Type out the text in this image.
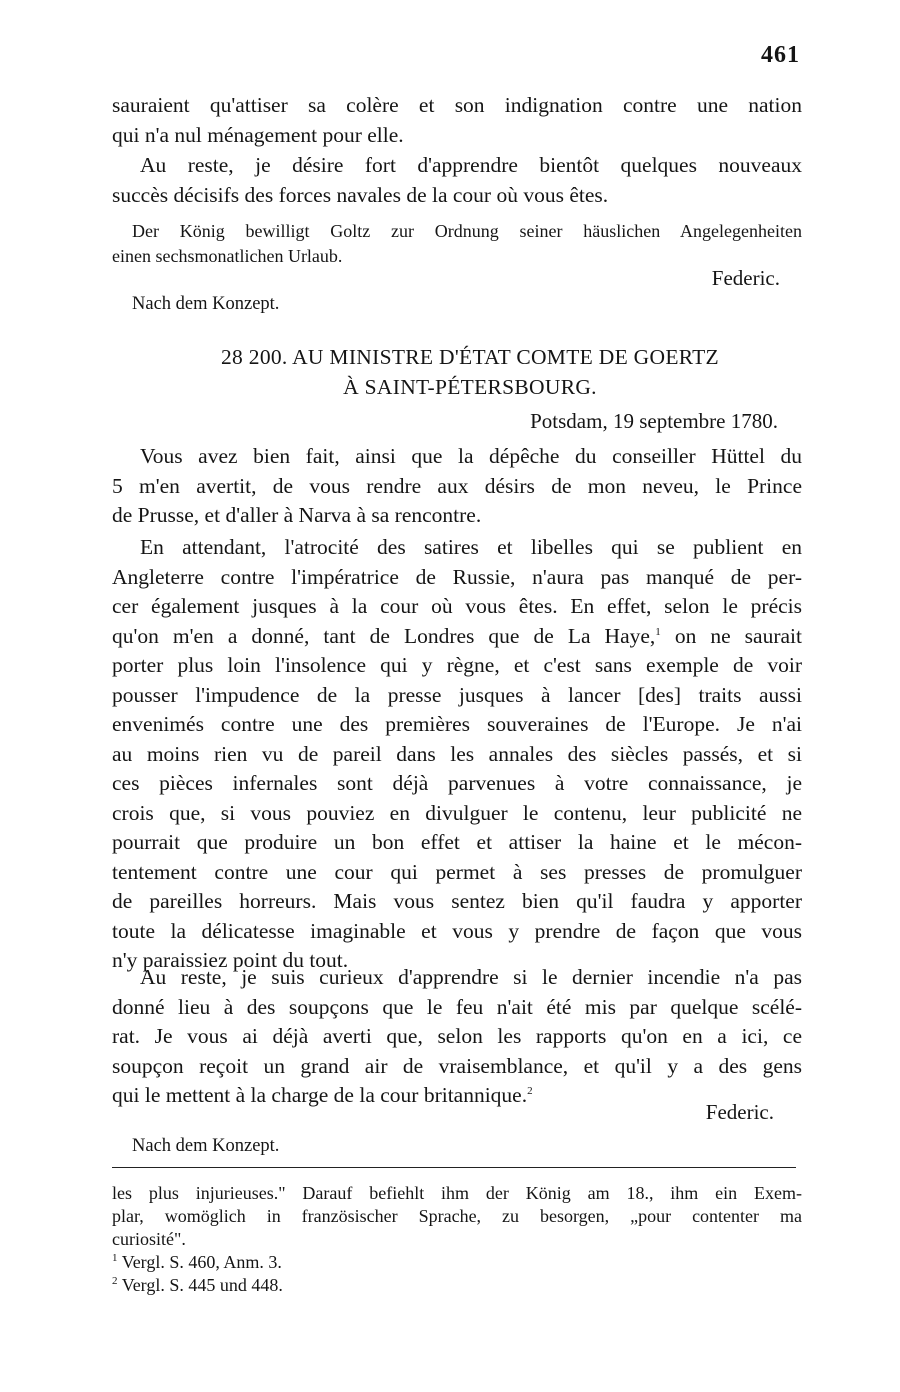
461
sauraient qu'attiser sa colère et son indignation contre une nation
qui n'a nul ménagement pour elle.
Au reste, je désire fort d'apprendre bientôt quelques nouveaux
succès décisifs des forces navales de la cour où vous êtes.
Der König bewilligt Goltz zur Ordnung seiner häuslichen Angelegenheiten
einen sechsmonatlichen Urlaub.
Federic.
Nach dem Konzept.
28 200. AU MINISTRE D'ÉTAT COMTE DE GOERTZ
À SAINT-PÉTERSBOURG.
Potsdam, 19 septembre 1780.
Vous avez bien fait, ainsi que la dépêche du conseiller Hüttel du
5 m'en avertit, de vous rendre aux désirs de mon neveu, le Prince
de Prusse, et d'aller à Narva à sa rencontre.
En attendant, l'atrocité des satires et libelles qui se publient en
Angleterre contre l'impératrice de Russie, n'aura pas manqué de per-
cer également jusques à la cour où vous êtes. En effet, selon le précis
qu'on m'en a donné, tant de Londres que de La Haye,$^1$ on ne saurait
porter plus loin l'insolence qui y règne, et c'est sans exemple de voir
pousser l'impudence de la presse jusques à lancer [des] traits aussi
envenimés contre une des premières souveraines de l'Europe. Je n'ai
au moins rien vu de pareil dans les annales des siècles passés, et si
ces pièces infernales sont déjà parvenues à votre connaissance, je
crois que, si vous pouviez en divulguer le contenu, leur publicité ne
pourrait que produire un bon effet et attiser la haine et le mécon-
tentement contre une cour qui permet à ses presses de promulguer
de pareilles horreurs. Mais vous sentez bien qu'il faudra y apporter
toute la délicatesse imaginable et vous y prendre de façon que vous
n'y paraissiez point du tout.
Au reste, je suis curieux d'apprendre si le dernier incendie n'a pas
donné lieu à des soupçons que le feu n'ait été mis par quelque scélé-
rat. Je vous ai déjà averti que, selon les rapports qu'on en a ici, ce
soupçon reçoit un grand air de vraisemblance, et qu'il y a des gens
qui le mettent à la charge de la cour britannique.$^2$
Federic.
Nach dem Konzept.
les plus injurieuses." Darauf befiehlt ihm der König am 18., ihm ein Exem-
plar, womöglich in französischer Sprache, zu besorgen, „pour contenter ma
curiosité".
$^1$ Vergl. S. 460, Anm. 3.
$^2$ Vergl. S. 445 und 448.
